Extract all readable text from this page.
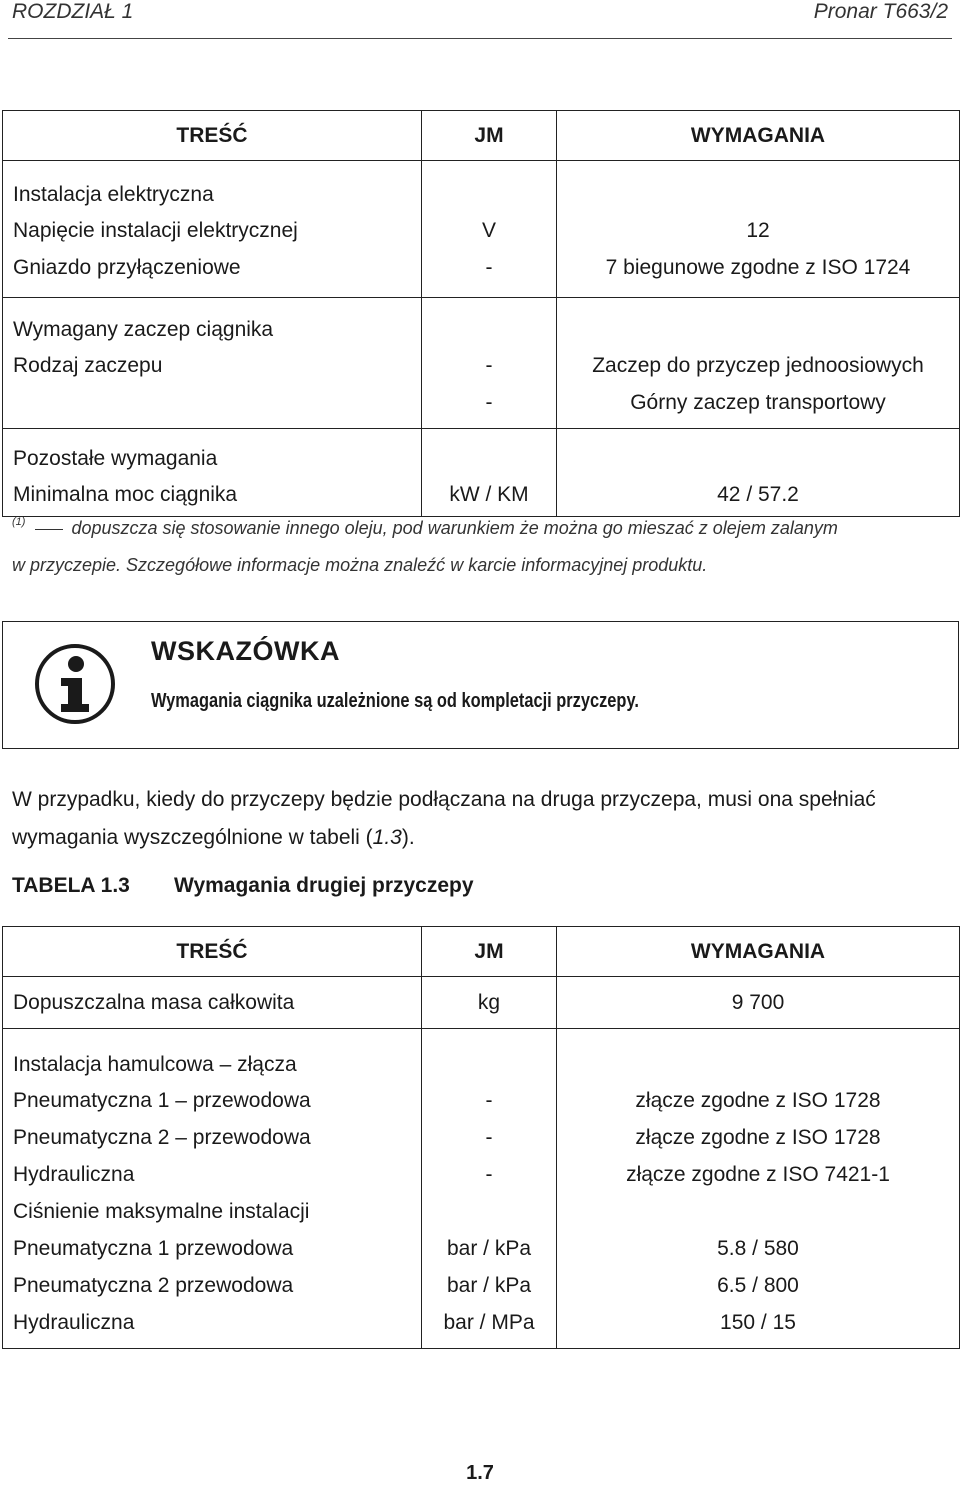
ROZDZIAŁ 1	Pronar T663/2
TREŚĆ	JM	WYMAGANIA
Instalacja elektryczna		
Napięcie instalacji elektrycznej	V	12
Gniazdo przyłączeniowe	-	7 biegunowe zgodne z ISO 1724
Wymagany zaczep ciągnika		
Rodzaj zaczepu	-	Zaczep do przyczep jednoosiowych
	-	Górny zaczep transportowy
Pozostałe wymagania		
Minimalna moc ciągnika	kW / KM	42 / 57.2
$^{(1)}$	dopuszcza się stosowanie innego oleju, pod warunkiem że można go mieszać z olejem zalanym
w przyczepie. Szczegółowe informacje można znaleźć w karcie informacyjnej produktu.
WSKAZÓWKA
Wymagania ciągnika uzależnione są od kompletacji przyczepy.
W przypadku, kiedy do przyczepy będzie podłączana na druga przyczepa, musi ona spełniać
wymagania wyszczególnione w tabeli (1.3).
TABELA 1.3 Wymagania drugiej przyczepy
TREŚĆ	JM	WYMAGANIA
Dopuszczalna masa całkowita	kg	9 700
Instalacja hamulcowa – złącza		
Pneumatyczna 1 – przewodowa	-	złącze zgodne z ISO 1728
Pneumatyczna 2 – przewodowa	-	złącze zgodne z ISO 1728
Hydrauliczna	-	złącze zgodne z ISO 7421-1
Ciśnienie maksymalne instalacji		
Pneumatyczna 1 przewodowa	bar / kPa	5.8 / 580
Pneumatyczna 2 przewodowa	bar / kPa	6.5 / 800
Hydrauliczna	bar / MPa	150 / 15
1.7
